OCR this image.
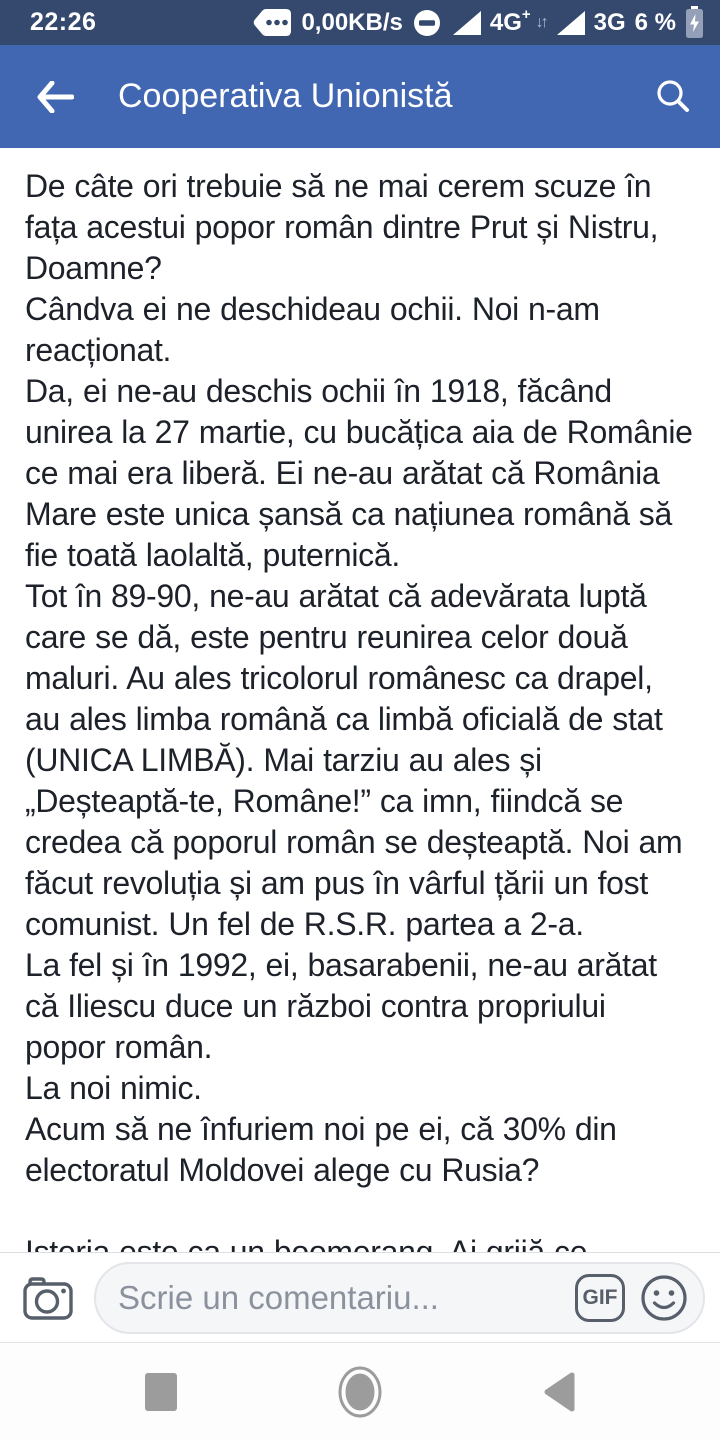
22:26	0,00KB/s	4G + ↓↑ 3G 6 %
Cooperativa Unionistă

De câte ori trebuie să ne mai cerem scuze în fața acestui popor român dintre Prut și Nistru, Doamne?

Cândva ei ne deschideau ochii. Noi n-am reacționat.

Da, ei ne-au deschis ochii în 1918, făcând unirea la 27 martie, cu bucățica aia de Românie ce mai era liberă. Ei ne-au arătat că România Mare este unica șansă ca națiunea română să fie toată laolaltă, puternică.

Tot în 89-90, ne-au arătat că adevărata luptă care se dă, este pentru reunirea celor două maluri. Au ales tricolorul românesc ca drapel, au ales limba română ca limbă oficială de stat (UNICA LIMBĂ). Mai tarziu au ales și „Deșteaptă-te, Române!” ca imn, fiindcă se credea că poporul român se deșteaptă. Noi am făcut revoluția și am pus în vârful țării un fost comunist. Un fel de R.S.R. partea a 2-a.

La fel și în 1992, ei, basarabenii, ne-au arătat că Iliescu duce un război contra propriului popor român.

La noi nimic.

Acum să ne înfuriem noi pe ei, că 30% din electoratul Moldovei alege cu Rusia?

Scrie un comentariu...	GIF
